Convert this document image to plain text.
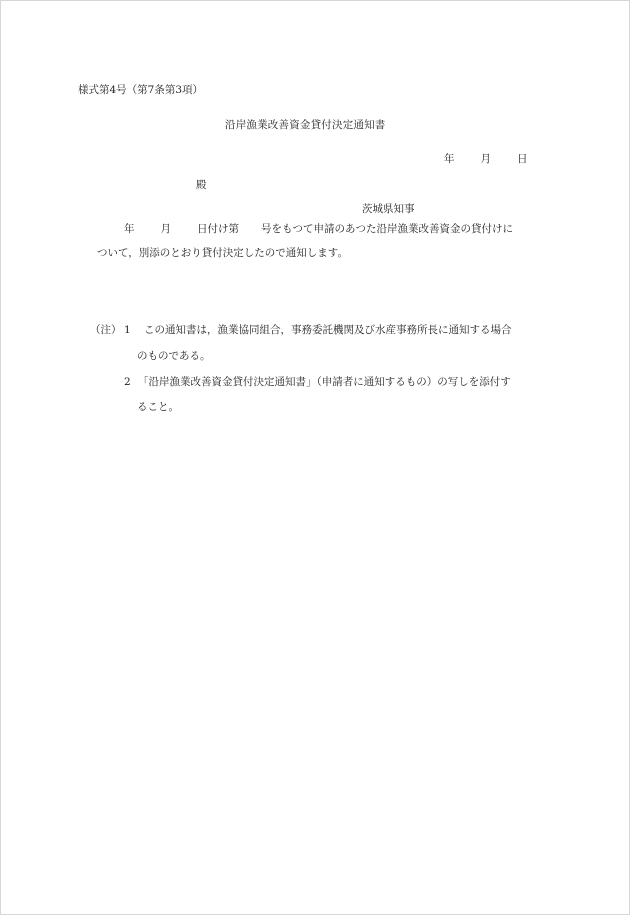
様式第4号（第7条第3項）
沿岸漁業改善資金貸付決定通知書
年 月 日
殿
茨城県知事
年 月 日付け第 号をもつて申請のあつた沿岸漁業改善資金の貸付けに
ついて，別添のとおり貸付決定したので通知します。
（注） 1 この通知書は，漁業協同組合，事務委託機関及び水産事務所長に通知する場合
のものである。
2 「沿岸漁業改善資金貸付決定通知書」（申請者に通知するもの）の写しを添付す
ること。
